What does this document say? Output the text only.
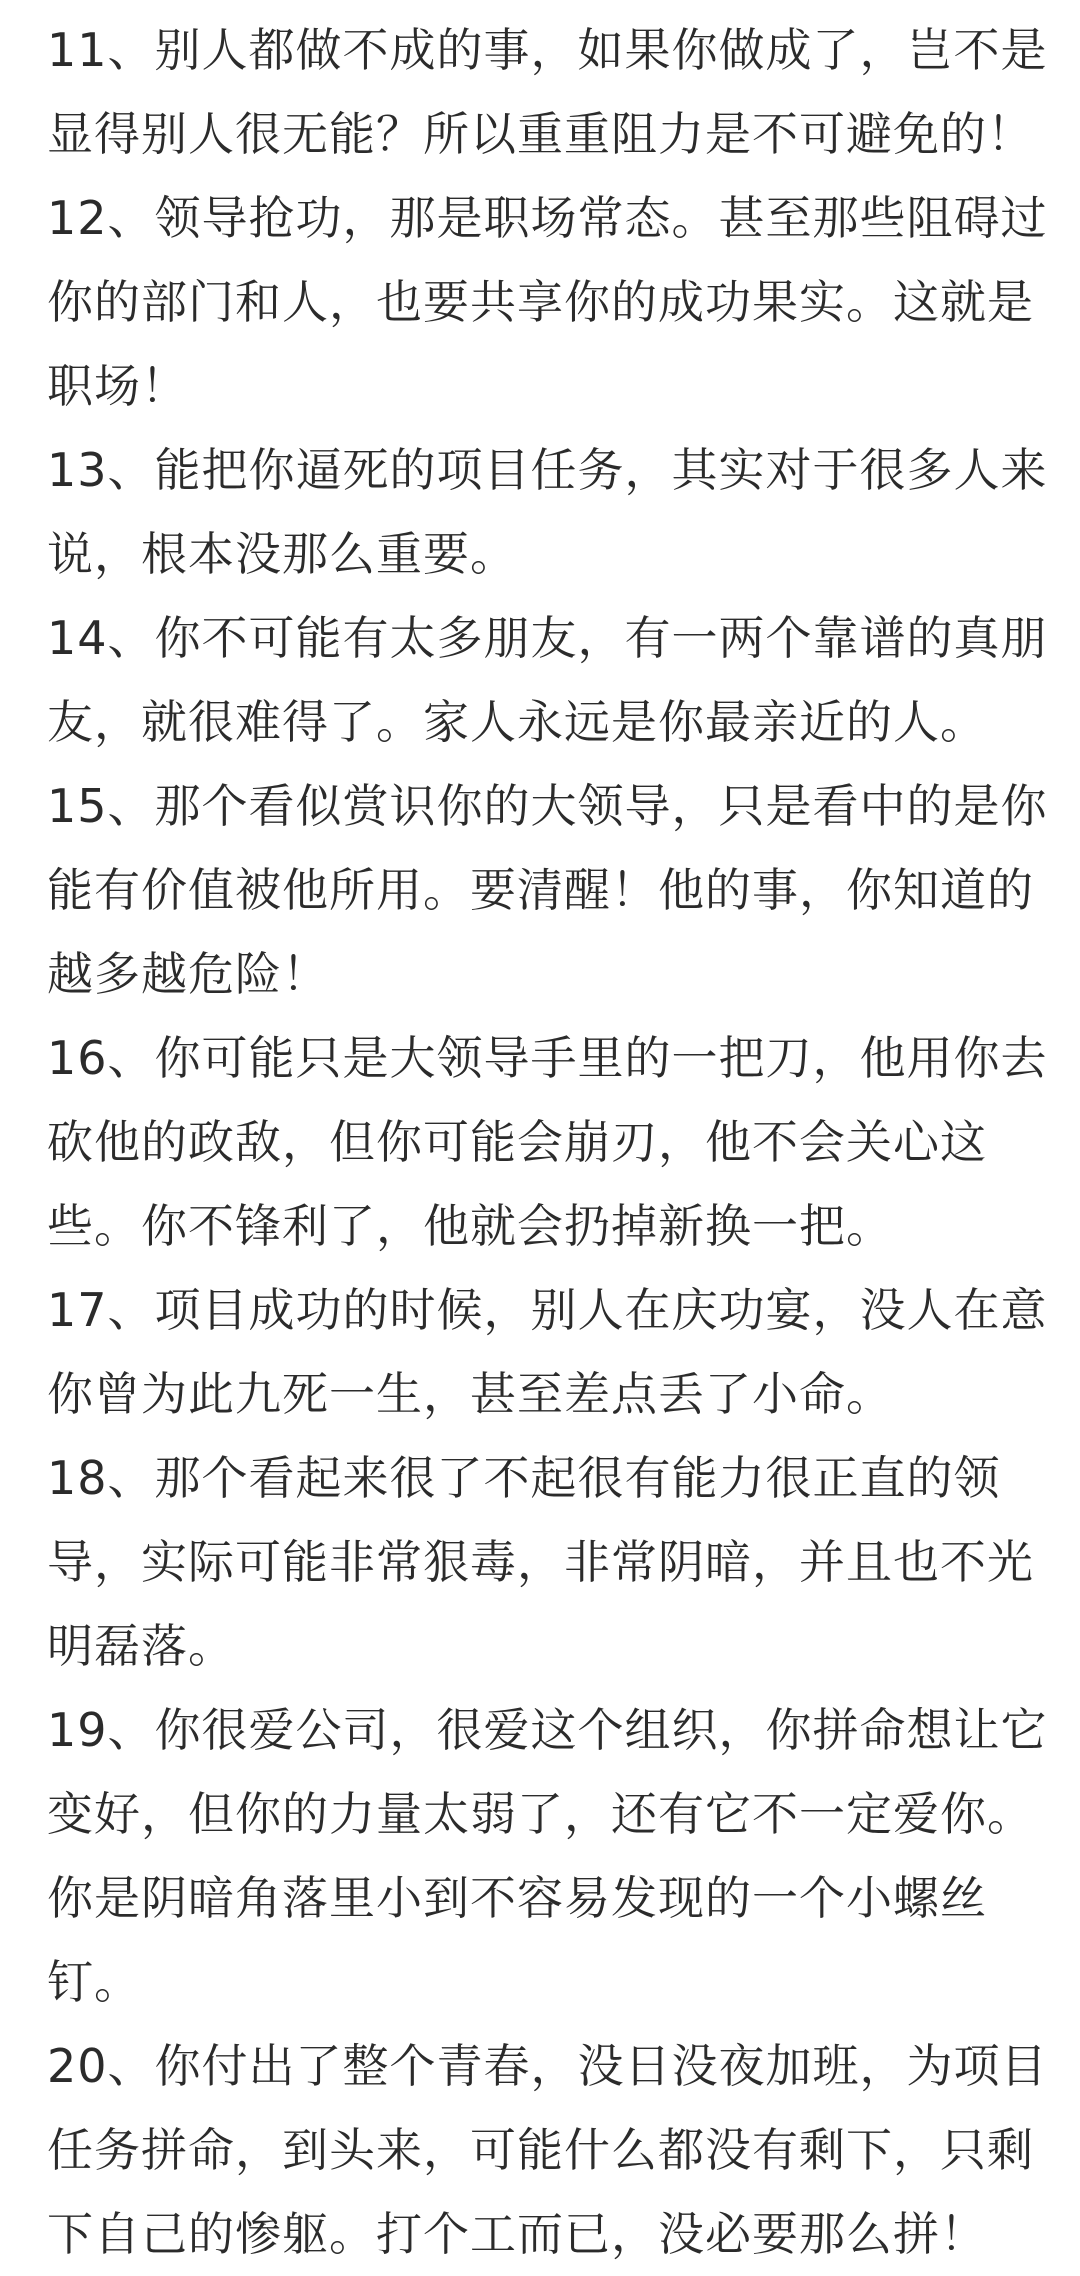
11、别人都做不成的事，如果你做成了，岂不是
显得别人很无能？所以重重阻力是不可避免的！
12、领导抢功，那是职场常态。甚至那些阻碍过
你的部门和人，也要共享你的成功果实。这就是
职场！
13、能把你逼死的项目任务，其实对于很多人来
说，根本没那么重要。
14、你不可能有太多朋友，有一两个靠谱的真朋
友，就很难得了。家人永远是你最亲近的人。
15、那个看似赏识你的大领导，只是看中的是你
能有价值被他所用。要清醒！他的事，你知道的
越多越危险！
16、你可能只是大领导手里的一把刀，他用你去
砍他的政敌，但你可能会崩刃，他不会关心这
些。你不锋利了，他就会扔掉新换一把。
17、项目成功的时候，别人在庆功宴，没人在意
你曾为此九死一生，甚至差点丢了小命。
18、那个看起来很了不起很有能力很正直的领
导，实际可能非常狠毒，非常阴暗，并且也不光
明磊落。
19、你很爱公司，很爱这个组织，你拼命想让它
变好，但你的力量太弱了，还有它不一定爱你。
你是阴暗角落里小到不容易发现的一个小螺丝
钉。
20、你付出了整个青春，没日没夜加班，为项目
任务拼命，到头来，可能什么都没有剩下，只剩
下自己的惨躯。打个工而已，没必要那么拼！
